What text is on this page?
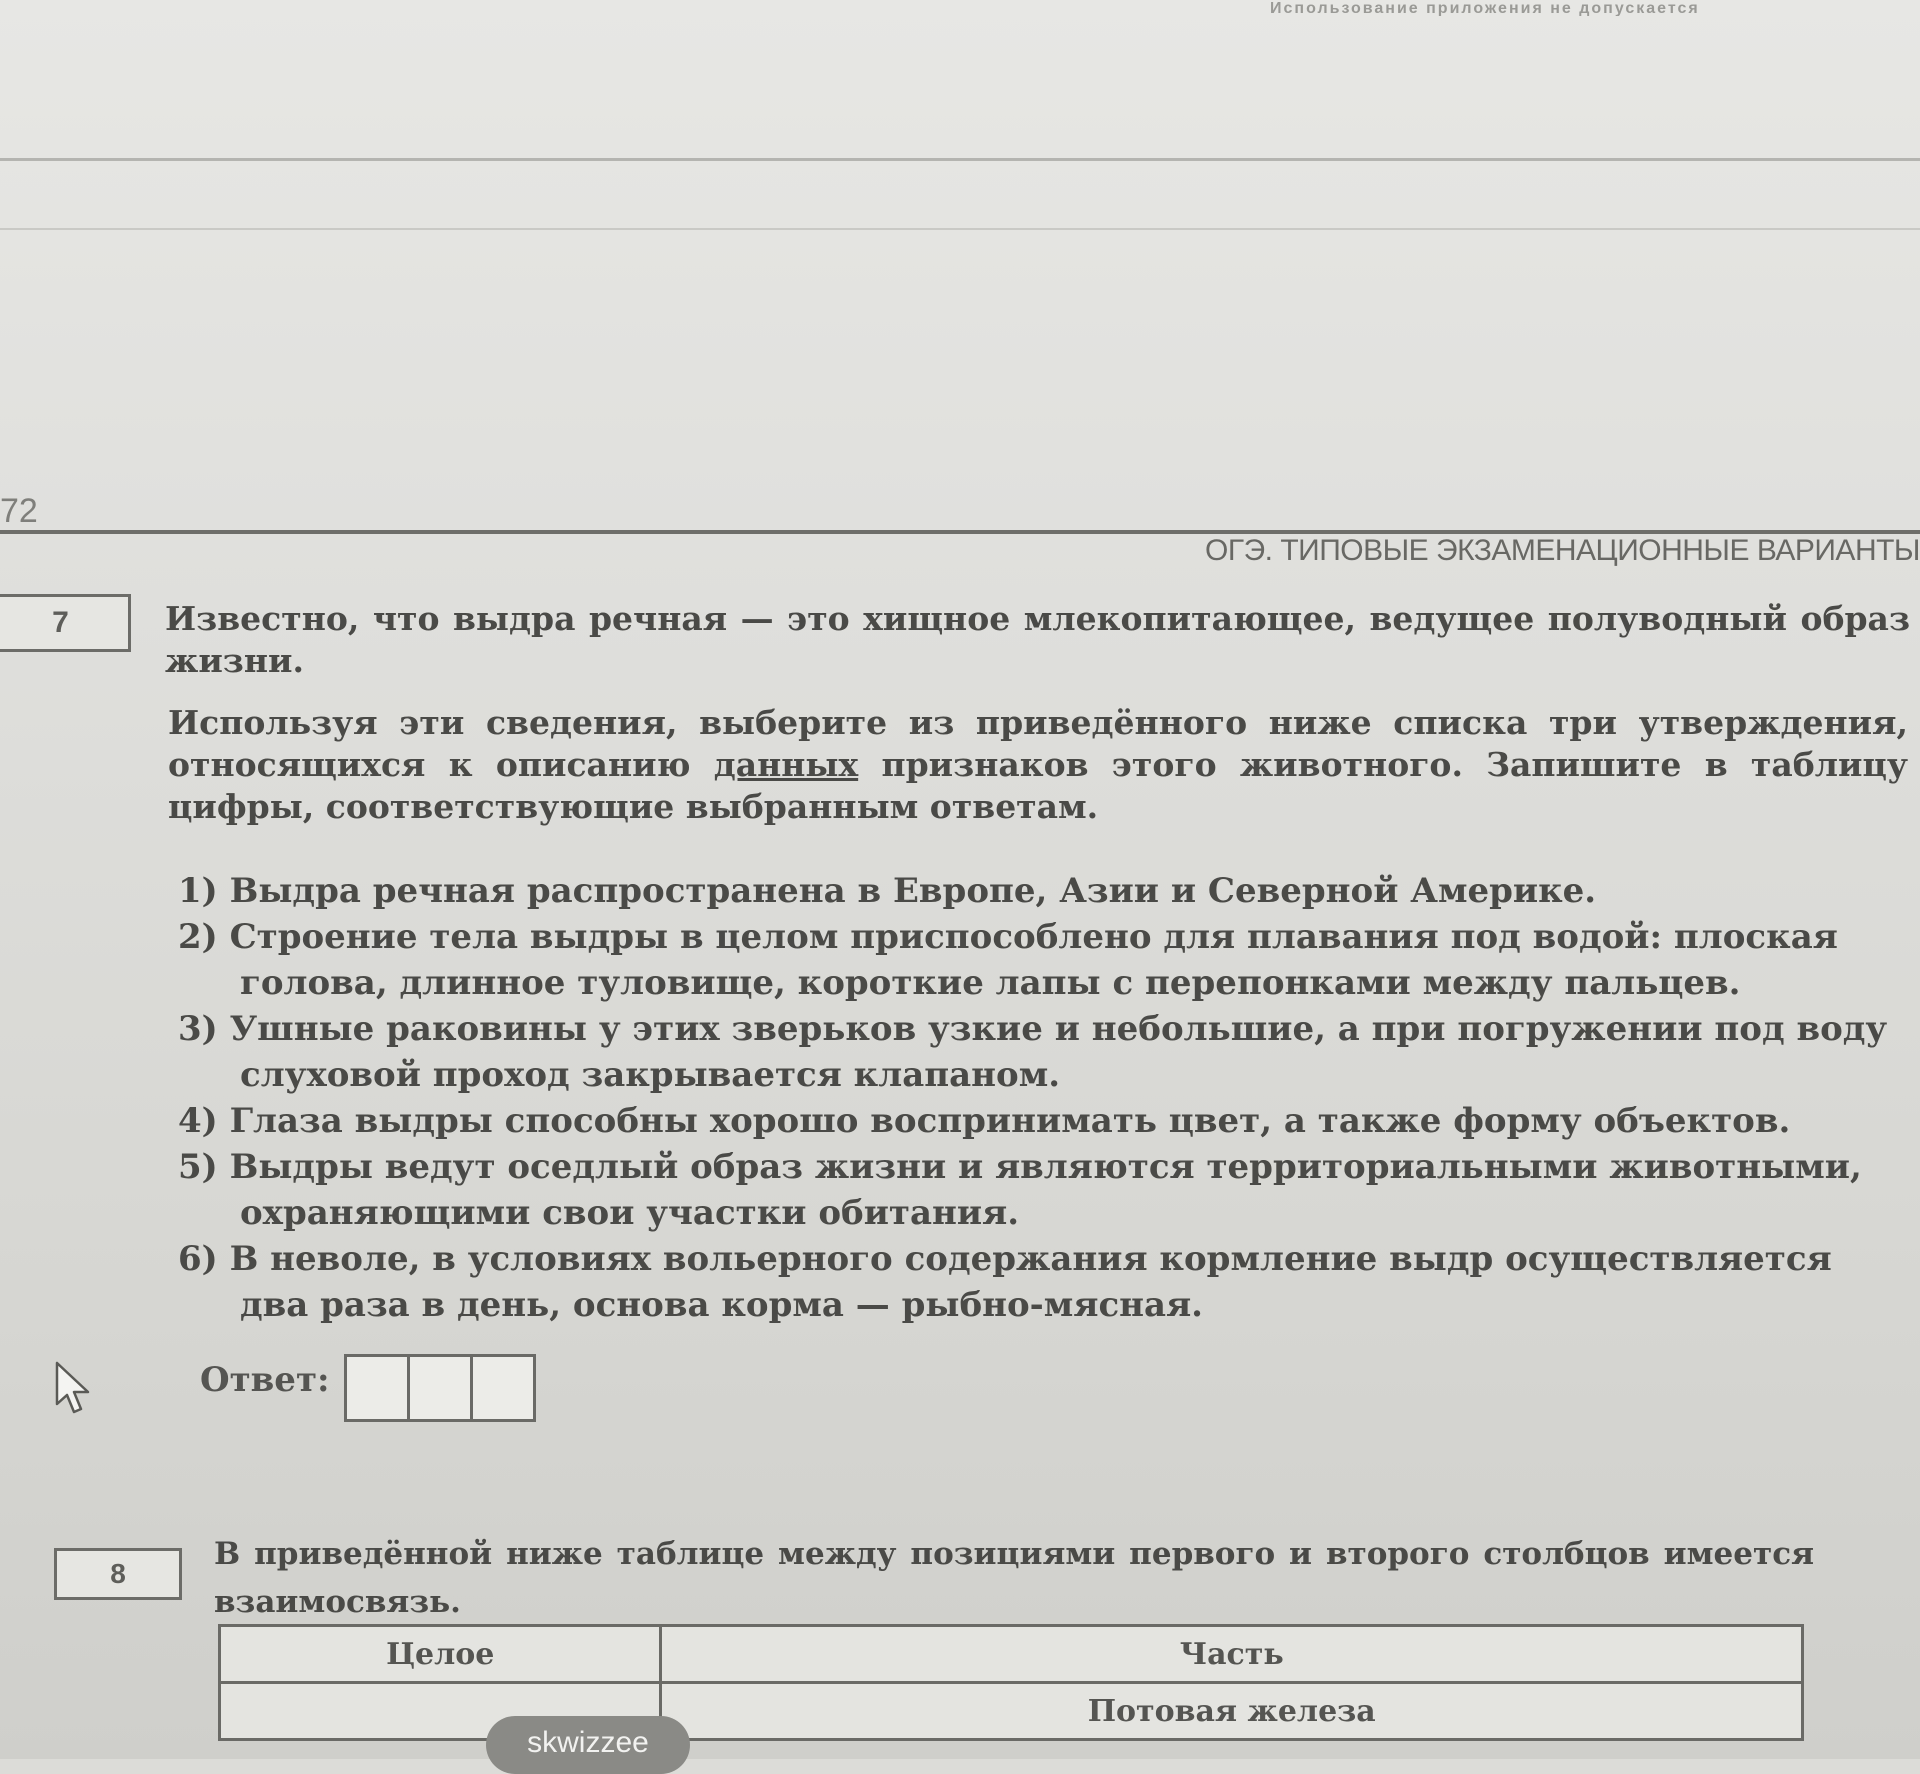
Использование приложения не допускается
72
ОГЭ. ТИПОВЫЕ ЭКЗАМЕНАЦИОННЫЕ ВАРИАНТЫ
7	Известно, что выдра речная — это хищное млекопитающее, ведущее полуводный образ жизни.
Используя эти сведения, выберите из приведённого ниже списка три утверждения, относящихся к описанию данных признаков этого животного. Запишите в таблицу цифры, соответствующие выбранным ответам.
1) Выдра речная распространена в Европе, Азии и Северной Америке.
2) Строение тела выдры в целом приспособлено для плавания под водой: плоская голова, длинное туловище, короткие лапы с перепонками между пальцев.
3) Ушные раковины у этих зверьков узкие и небольшие, а при погружении под воду слуховой проход закрывается клапаном.
4) Глаза выдры способны хорошо воспринимать цвет, а также форму объектов.
5) Выдры ведут оседлый образ жизни и являются территориальными животными, охраняющими свои участки обитания.
6) В неволе, в условиях вольерного содержания кормление выдр осуществляется два раза в день, основа корма — рыбно-мясная.
Ответ:
8
В приведённой ниже таблице между позициями первого и второго столбцов имеется взаимосвязь.
Целое	Часть
	Потовая железа
skwizzee
